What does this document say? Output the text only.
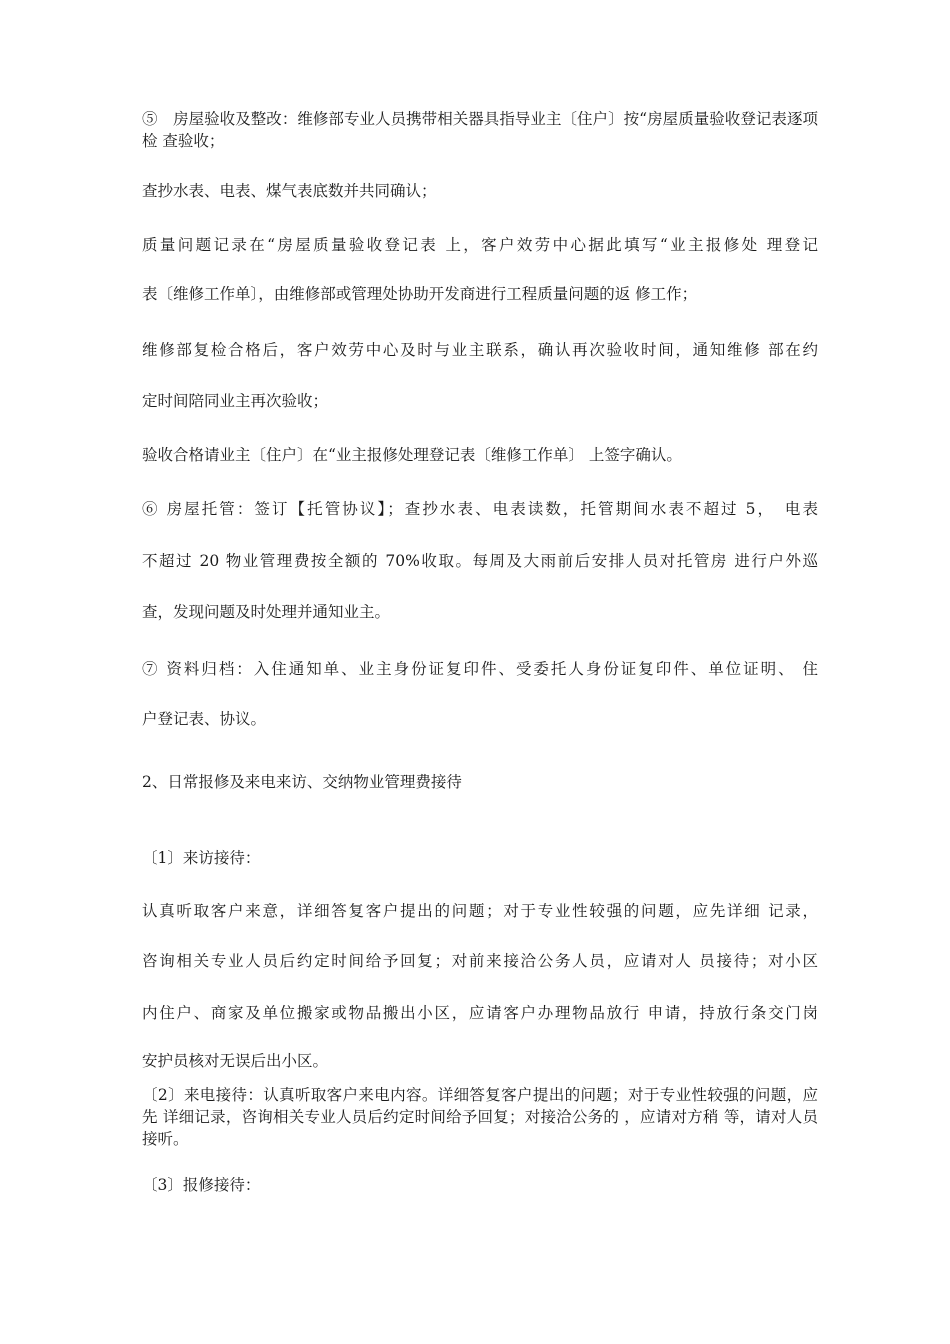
⑤　房屋验收及整改：维修部专业人员携带相关器具指导业主〔住户〕按“房屋质量验收登记表逐项检 查验收；
查抄水表、电表、煤气表底数并共同确认；
质量问题记录在“房屋质量验收登记表 上，客户效劳中心据此填写“业主报修处 理登记
表〔维修工作单〕，由维修部或管理处协助开发商进行工程质量问题的返 修工作；
维修部复检合格后，客户效劳中心及时与业主联系，确认再次验收时间，通知维修 部在约
定时间陪同业主再次验收；
验收合格请业主〔住户〕在“业主报修处理登记表〔维修工作单〕 上签字确认。
⑥ 房屋托管：签订【托管协议】；查抄水表、电表读数，托管期间水表不超过 5，　电表
不超过 20 物业管理费按全额的 70%收取。每周及大雨前后安排人员对托管房 进行户外巡
查，发现问题及时处理并通知业主。
⑦ 资料归档：入住通知单、业主身份证复印件、受委托人身份证复印件、单位证明、 住
户登记表、协议。
2、日常报修及来电来访、交纳物业管理费接待
〔1〕来访接待：
认真听取客户来意，详细答复客户提出的问题；对于专业性较强的问题，应先详细 记录，
咨询相关专业人员后约定时间给予回复；对前来接洽公务人员，应请对人 员接待；对小区
内住户、商家及单位搬家或物品搬出小区，应请客户办理物品放行 申请，持放行条交门岗
安护员核对无误后出小区。
〔2〕来电接待：认真听取客户来电内容。详细答复客户提出的问题；对于专业性较强的问题，应先 详细记录，咨询相关专业人员后约定时间给予回复；对接洽公务的 ，应请对方稍 等，请对人员接听。
〔3〕报修接待：
